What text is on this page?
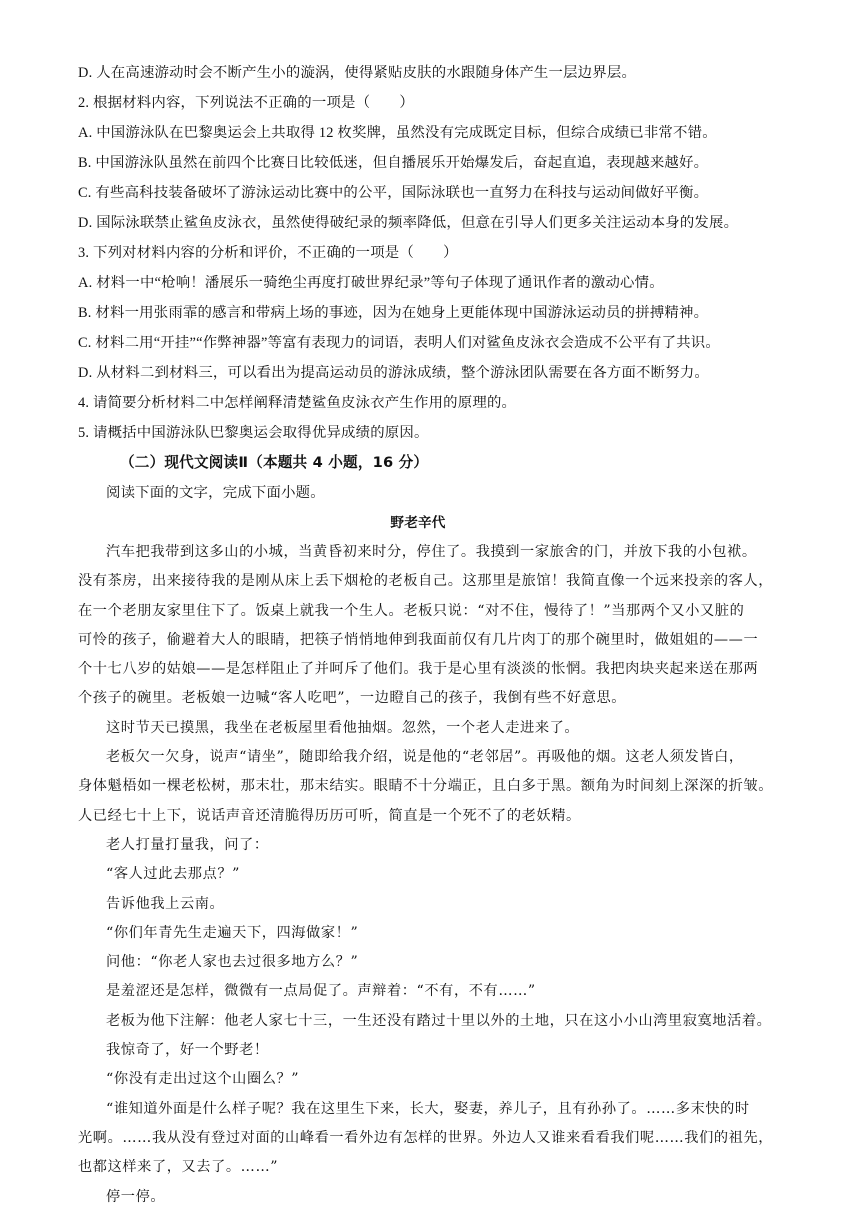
D. 人在高速游动时会不断产生小的漩涡，使得紧贴皮肤的水跟随身体产生一层边界层。
2. 根据材料内容，下列说法不正确的一项是（　　）
A. 中国游泳队在巴黎奥运会上共取得 12 枚奖牌，虽然没有完成既定目标，但综合成绩已非常不错。
B. 中国游泳队虽然在前四个比赛日比较低迷，但自播展乐开始爆发后，奋起直追，表现越来越好。
C. 有些高科技装备破坏了游泳运动比赛中的公平，国际泳联也一直努力在科技与运动间做好平衡。
D. 国际泳联禁止鲨鱼皮泳衣，虽然使得破纪录的频率降低，但意在引导人们更多关注运动本身的发展。
3. 下列对材料内容的分析和评价，不正确的一项是（　　）
A. 材料一中“枪响！潘展乐一骑绝尘再度打破世界纪录”等句子体现了通讯作者的激动心情。
B. 材料一用张雨霏的感言和带病上场的事迹，因为在她身上更能体现中国游泳运动员的拼搏精神。
C. 材料二用“开挂”“作弊神器”等富有表现力的词语，表明人们对鲨鱼皮泳衣会造成不公平有了共识。
D. 从材料二到材料三，可以看出为提高运动员的游泳成绩，整个游泳团队需要在各方面不断努力。
4. 请简要分析材料二中怎样阐释清楚鲨鱼皮泳衣产生作用的原理的。
5. 请概括中国游泳队巴黎奥运会取得优异成绩的原因。
（二）现代文阅读Ⅱ（本题共 4 小题，16 分）
阅读下面的文字，完成下面小题。
野老辛代
汽车把我带到这多山的小城，当黄昏初来时分，停住了。我摸到一家旅舍的门，并放下我的小包袱。
没有茶房，出来接待我的是刚从床上丢下烟枪的老板自己。这那里是旅馆！我简直像一个远来投亲的客人，
在一个老朋友家里住下了。饭桌上就我一个生人。老板只说：“对不住，慢待了！”当那两个又小又脏的
可怜的孩子，偷避着大人的眼睛，把筷子悄悄地伸到我面前仅有几片肉丁的那个碗里时，做姐姐的——一
个十七八岁的姑娘——是怎样阻止了并呵斥了他们。我于是心里有淡淡的怅惘。我把肉块夹起来送在那两
个孩子的碗里。老板娘一边喊“客人吃吧”，一边瞪自己的孩子，我倒有些不好意思。
这时节天已摸黑，我坐在老板屋里看他抽烟。忽然，一个老人走进来了。
老板欠一欠身，说声“请坐”，随即给我介绍，说是他的“老邻居”。再吸他的烟。这老人须发皆白，
身体魁梧如一棵老松树，那末壮，那末结实。眼睛不十分端正，且白多于黑。额角为时间刻上深深的折皱。
人已经七十上下，说话声音还清脆得历历可听，简直是一个死不了的老妖精。
老人打量打量我，问了：
“客人过此去那点？”
告诉他我上云南。
“你们年青先生走遍天下，四海做家！”
问他：“你老人家也去过很多地方么？”
是羞涩还是怎样，微微有一点局促了。声辩着：“不有，不有……”
老板为他下注解：他老人家七十三，一生还没有踏过十里以外的土地，只在这小小山湾里寂寞地活着。
我惊奇了，好一个野老！
“你没有走出过这个山圈么？”
“谁知道外面是什么样子呢？我在这里生下来，长大，娶妻，养儿子，且有孙孙了。……多末快的时
光啊。……我从没有登过对面的山峰看一看外边有怎样的世界。外边人又谁来看看我们呢……我们的祖先，
也都这样来了，又去了。……”
停一停。
